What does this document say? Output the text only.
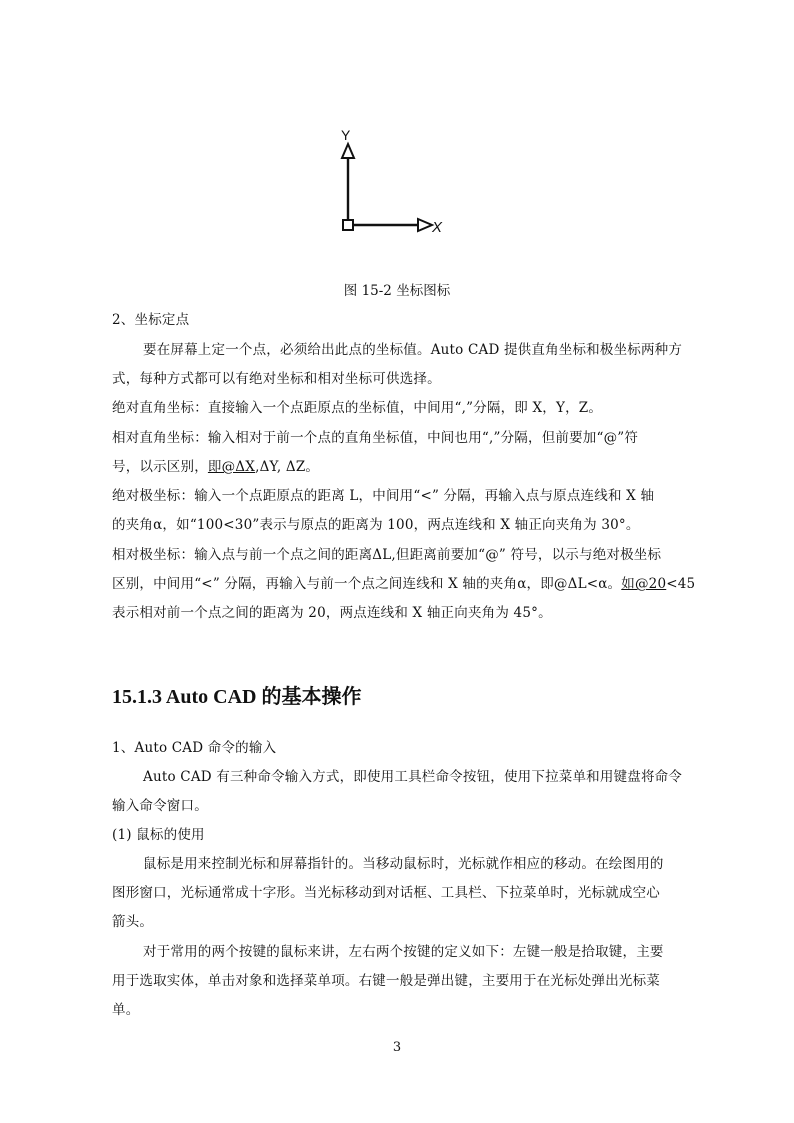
Y
X
图 15-2 坐标图标
2、坐标定点
要在屏幕上定一个点，必须给出此点的坐标值。Auto CAD 提供直角坐标和极坐标两种方
式，每种方式都可以有绝对坐标和相对坐标可供选择。
绝对直角坐标：直接输入一个点距原点的坐标值，中间用“,”分隔，即 X，Y，Z。
相对直角坐标：输入相对于前一个点的直角坐标值，中间也用“,”分隔，但前要加“@”符
号，以示区别，即@ΔX,ΔY, ΔZ。
绝对极坐标：输入一个点距原点的距离 L，中间用“<” 分隔，再输入点与原点连线和 X 轴
的夹角α，如“100<30”表示与原点的距离为 100，两点连线和 X 轴正向夹角为 30°。
相对极坐标：输入点与前一个点之间的距离ΔL,但距离前要加“@” 符号，以示与绝对极坐标
区别，中间用“<” 分隔，再输入与前一个点之间连线和 X 轴的夹角α，即@ΔL<α。如@20<45
表示相对前一个点之间的距离为 20，两点连线和 X 轴正向夹角为 45°。
15.1.3 Auto CAD 的基本操作
1、Auto CAD 命令的输入
Auto CAD 有三种命令输入方式，即使用工具栏命令按钮，使用下拉菜单和用键盘将命令
输入命令窗口。
(1) 鼠标的使用
鼠标是用来控制光标和屏幕指针的。当移动鼠标时，光标就作相应的移动。在绘图用的
图形窗口，光标通常成十字形。当光标移动到对话框、工具栏、下拉菜单时，光标就成空心
箭头。
对于常用的两个按键的鼠标来讲，左右两个按键的定义如下：左键一般是拾取键，主要
用于选取实体，单击对象和选择菜单项。右键一般是弹出键，主要用于在光标处弹出光标菜
单。
3
